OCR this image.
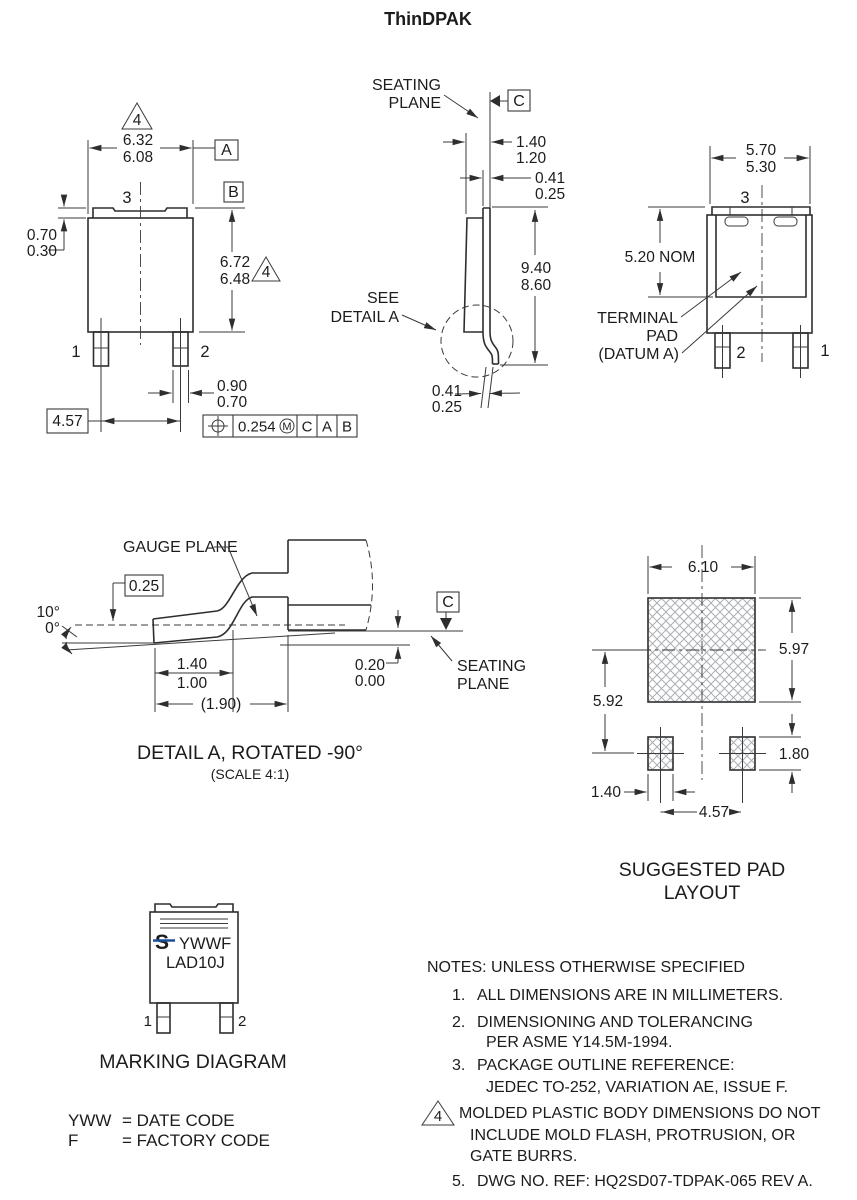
ThinDPAK
6.32
6.08
4
A
3
0.70
0.30
B
6.72
6.48 4
1	2
0.90
0.70
4.57	0.254 M C A B
SEATING
PLANE	C
1.40
1.20
0.41
0.25
9.40
8.60
SEE
DETAIL A
0.41
0.25
5.70
5.30
3
5.20 NOM
TERMINAL
PAD
(DATUM A)	2	1
GAUGE PLANE
0.25
10°
0°
C
0.20
0.00
SEATING
PLANE
1.40
1.00
(1.90)
DETAIL A, ROTATED -90°
(SCALE 4:1)
6.10
5.97
5.92
1.80
1.40
4.57
SUGGESTED PAD
LAYOUT
S YWWF
LAD10J
1	2
MARKING DIAGRAM
YWW = DATE CODE
F	= FACTORY CODE
NOTES: UNLESS OTHERWISE SPECIFIED
1. ALL DIMENSIONS ARE IN MILLIMETERS.
2. DIMENSIONING AND TOLERANCING
PER ASME Y14.5M-1994.
3. PACKAGE OUTLINE REFERENCE:
JEDEC TO-252, VARIATION AE, ISSUE F.
4 MOLDED PLASTIC BODY DIMENSIONS DO NOT
INCLUDE MOLD FLASH, PROTRUSION, OR
GATE BURRS.
5. DWG NO. REF: HQ2SD07-TDPAK-065 REV A.
